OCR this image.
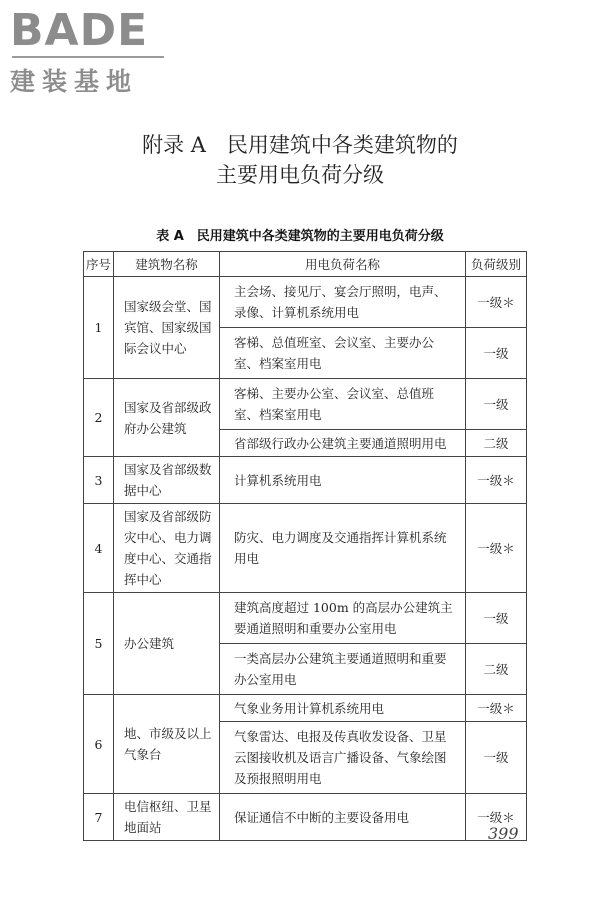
BADE
建装基地
附录 A　民用建筑中各类建筑物的
主要用电负荷分级
表 A　民用建筑中各类建筑物的主要用电负荷分级
序号	建筑物名称	用电负荷名称	负荷级别
1	国家级会堂、国宾馆、国家级国际会议中心	主会场、接见厅、宴会厅照明，电声、录像、计算机系统用电	一级＊
		客梯、总值班室、会议室、主要办公室、档案室用电	一级
2	国家及省部级政府办公建筑	客梯、主要办公室、会议室、总值班室、档案室用电	一级
		省部级行政办公建筑主要通道照明用电	二级
3	国家及省部级数据中心	计算机系统用电	一级＊
4	国家及省部级防灾中心、电力调度中心、交通指挥中心	防灾、电力调度及交通指挥计算机系统用电	一级＊
5	办公建筑	建筑高度超过 100m 的高层办公建筑主要通道照明和重要办公室用电	一级
		一类高层办公建筑主要通道照明和重要办公室用电	二级
6	地、市级及以上气象台	气象业务用计算机系统用电	一级＊
		气象雷达、电报及传真收发设备、卫星云图接收机及语言广播设备、气象绘图及预报照明用电	一级
7	电信枢纽、卫星地面站	保证通信不中断的主要设备用电	一级＊
399
